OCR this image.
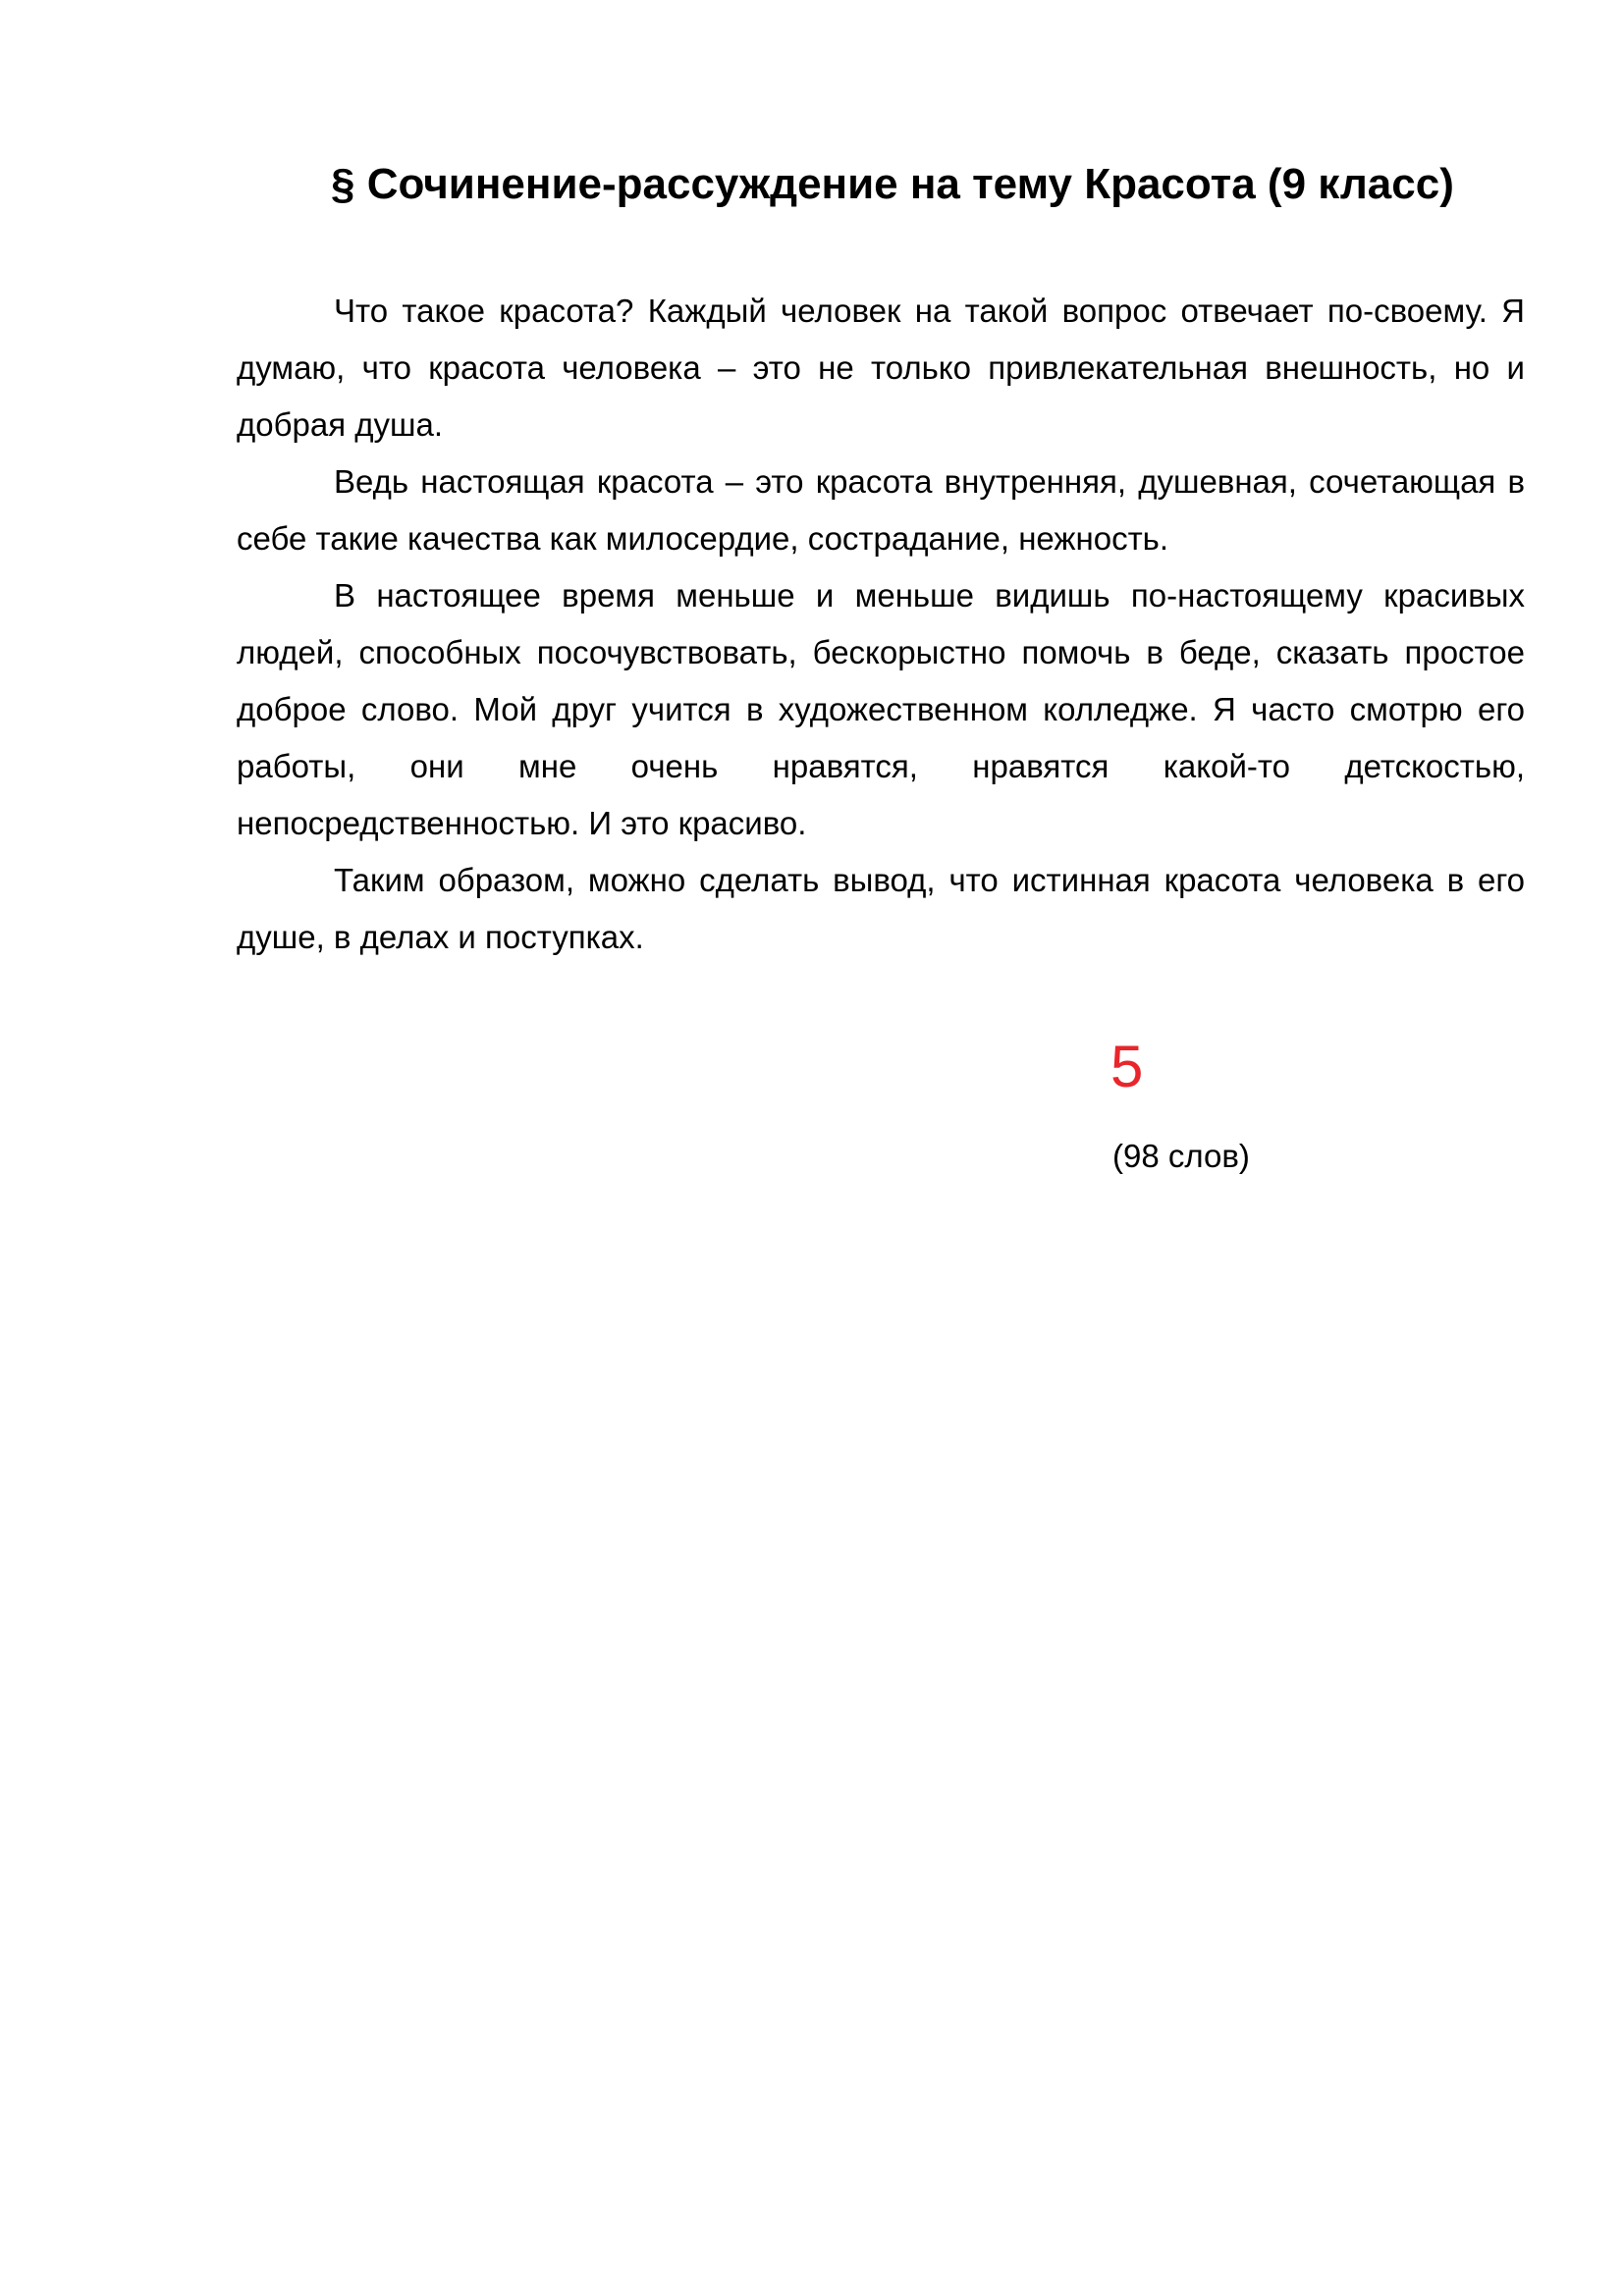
§ Сочинение-рассуждение на тему Красота (9 класс)

Что такое красота? Каждый человек на такой вопрос отвечает по-своему. Я думаю, что красота человека – это не только привлекательная внешность, но и добрая душа.

Ведь настоящая красота – это красота внутренняя, душевная, сочетающая в себе такие качества как милосердие, сострадание, нежность.

В настоящее время меньше и меньше видишь по-настоящему красивых людей, способных посочувствовать, бескорыстно помочь в беде, сказать простое доброе слово. Мой друг учится в художественном колледже. Я часто смотрю его работы, они мне очень нравятся, нравятся какой-то детскостью, непосредственностью. И это красиво.

Таким образом, можно сделать вывод, что истинная красота человека в его душе, в делах и поступках.

5
(98 слов)
